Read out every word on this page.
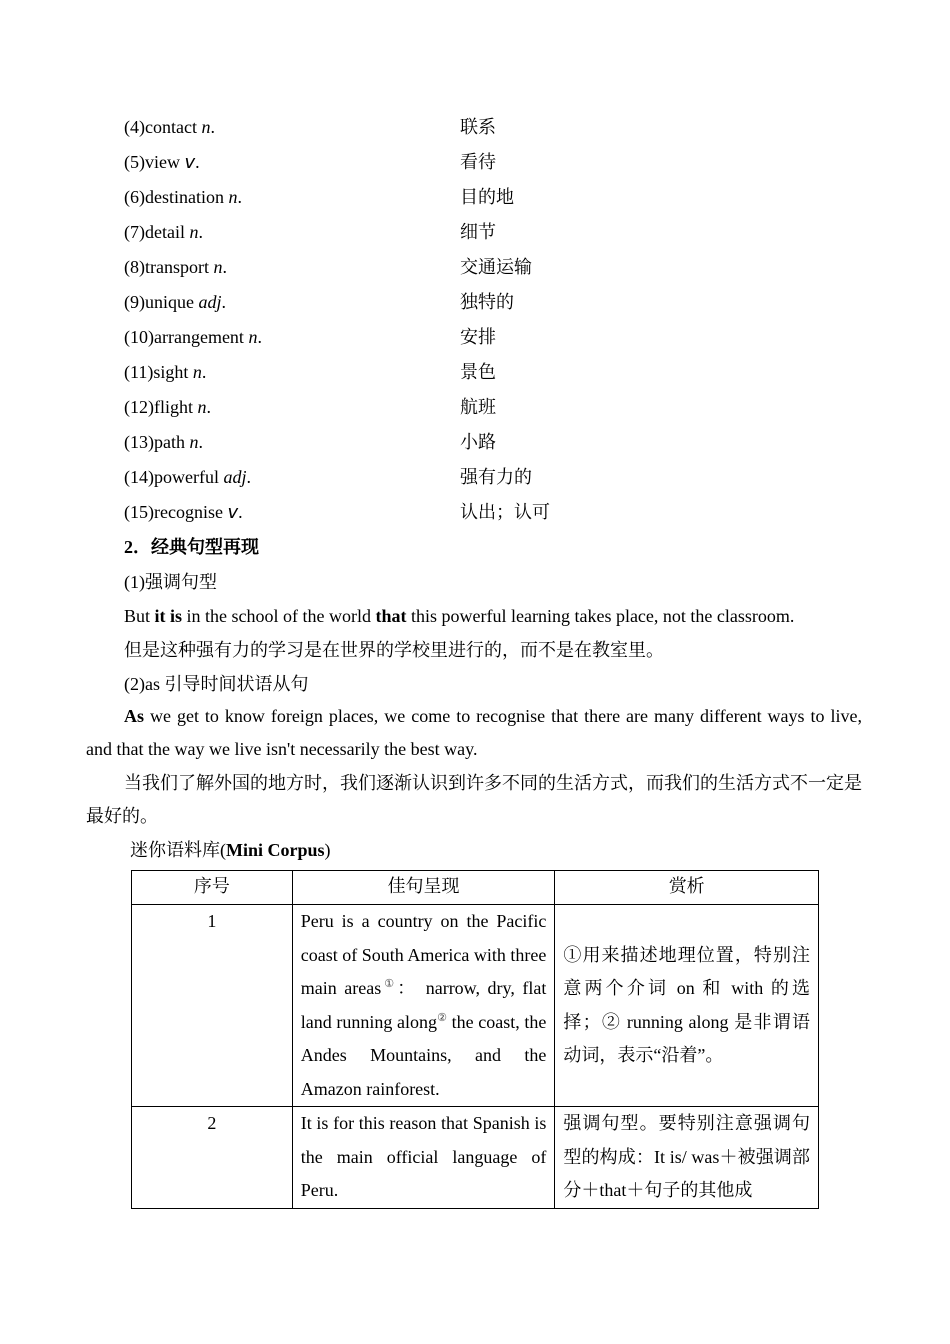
(4)contact n.	联系
(5)view v.	看待
(6)destination n.	目的地
(7)detail n.	细节
(8)transport n.	交通运输
(9)unique adj.	独特的
(10)arrangement n.	安排
(11)sight n.	景色
(12)flight n.	航班
(13)path n.	小路
(14)powerful adj.	强有力的
(15)recognise v.	认出；认可
2．经典句型再现
(1)强调句型
But it is in the school of the world that this powerful learning takes place, not the classroom.
但是这种强有力的学习是在世界的学校里进行的，而不是在教室里。
(2)as 引导时间状语从句
As we get to know foreign places, we come to recognise that there are many different ways to live, and that the way we live isn't necessarily the best way.
当我们了解外国的地方时，我们逐渐认识到许多不同的生活方式，而我们的生活方式不一定是最好的。
迷你语料库(Mini Corpus)
序号	佳句呈现	赏析
1	Peru is a country on the Pacific coast of South America with three main areas①： narrow, dry, flat land running along② the coast, the Andes Mountains, and the Amazon rainforest.	①用来描述地理位置，特别注意两个介词 on 和 with 的选择；② running along 是非谓语动词，表示“沿着”。
2	It is for this reason that Spanish is the main official language of Peru.	强调句型。要特别注意强调句型的构成：It is/ was＋被强调部分＋that＋句子的其他成
